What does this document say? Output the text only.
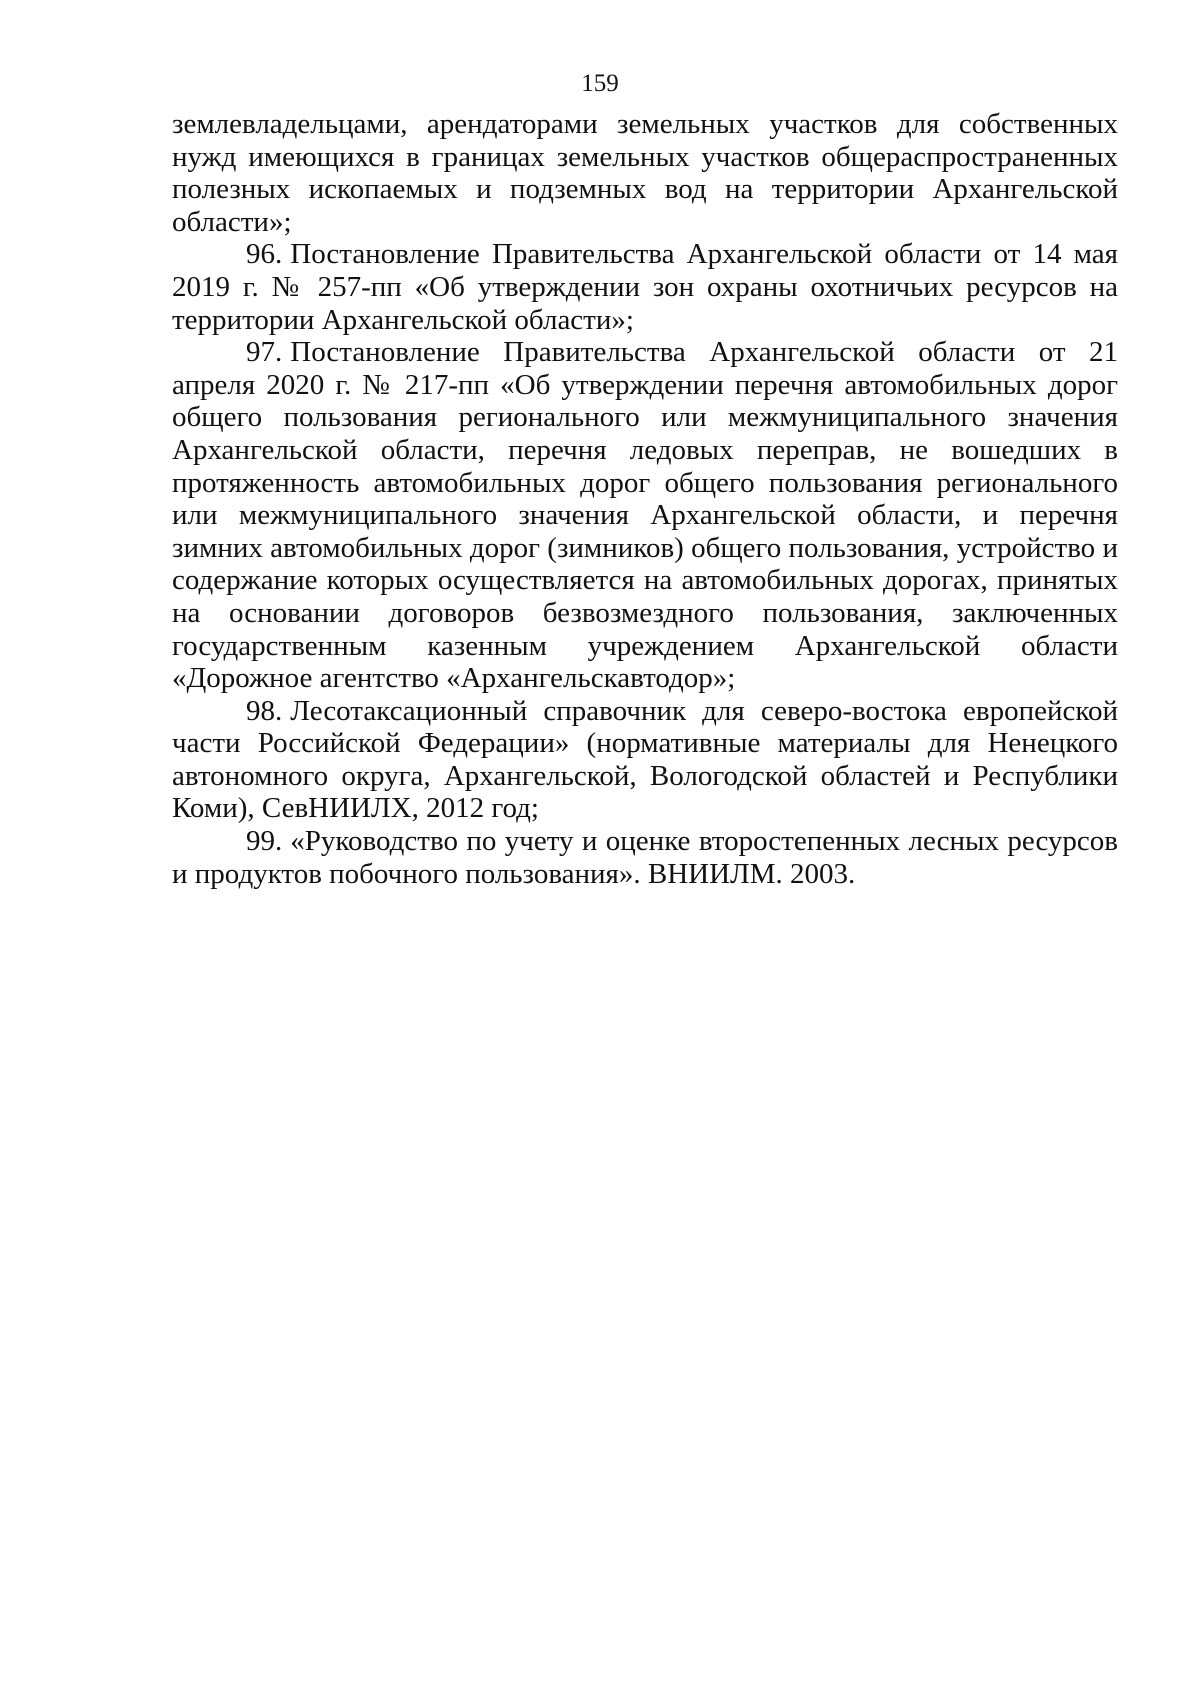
159

землевладельцами, арендаторами земельных участков для собственных нужд имеющихся в границах земельных участков общераспространенных полезных ископаемых и подземных вод на территории Архангельской области»;

96. Постановление Правительства Архангельской области от 14 мая 2019 г. № 257-пп «Об утверждении зон охраны охотничьих ресурсов на территории Архангельской области»;

97. Постановление Правительства Архангельской области от 21 апреля 2020 г. № 217-пп «Об утверждении перечня автомобильных дорог общего пользования регионального или межмуниципального значения Архангельской области, перечня ледовых переправ, не вошедших в протяженность автомобильных дорог общего пользования регионального или межмуниципального значения Архангельской области, и перечня зимних автомобильных дорог (зимников) общего пользования, устройство и содержание которых осуществляется на автомобильных дорогах, принятых на основании договоров безвозмездного пользования, заключенных государственным казенным учреждением Архангельской области «Дорожное агентство «Архангельскавтодор»;

98. Лесотаксационный справочник для северо-востока европейской части Российской Федерации» (нормативные материалы для Ненецкого автономного округа, Архангельской, Вологодской областей и Республики Коми), СевНИИЛХ, 2012 год;

99. «Руководство по учету и оценке второстепенных лесных ресурсов и продуктов побочного пользования». ВНИИЛМ. 2003.
